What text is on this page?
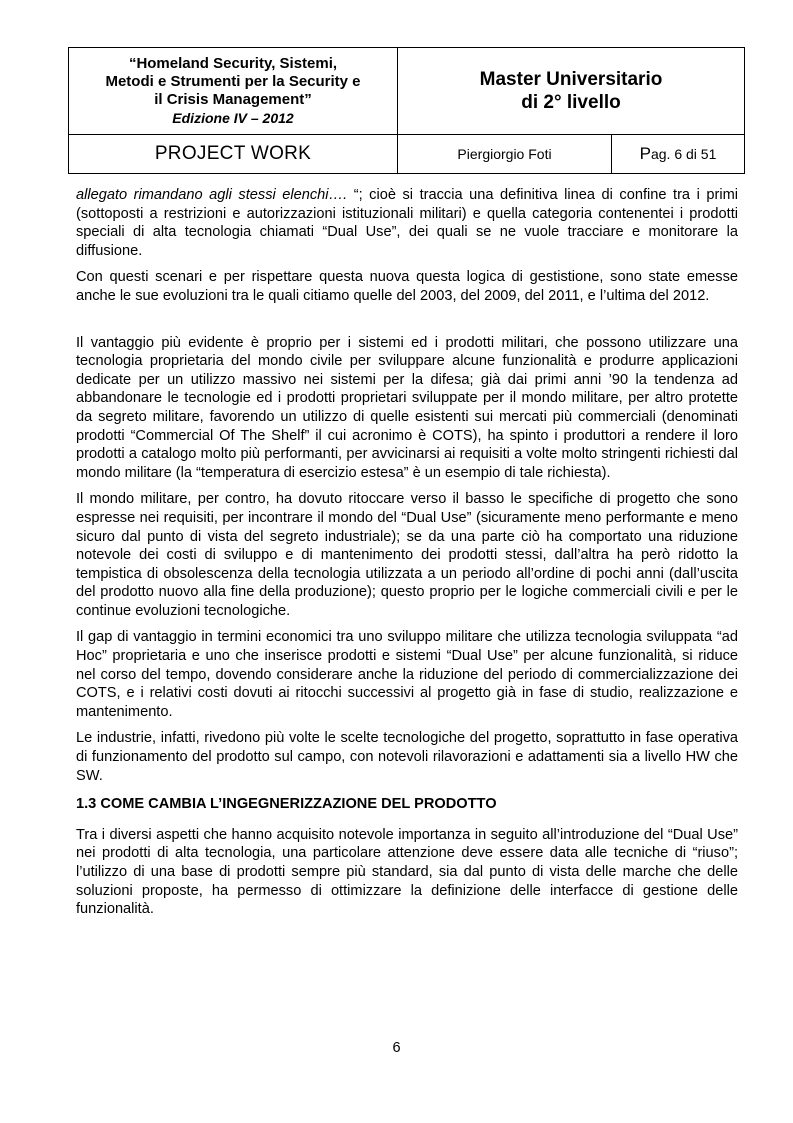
“Homeland Security, Sistemi,
Metodi e Strumenti per la Security e
il Crisis Management”
Edizione IV – 2012
Master Universitario
di 2° livello
PROJECT WORK	Piergiorgio Foti	P ag. 6 di 51

allegato rimandano agli stessi elenchi…. “; cioè si traccia una definitiva linea di confine tra i primi (sottoposti a restrizioni e autorizzazioni istituzionali militari) e quella categoria contenentei i prodotti speciali di alta tecnologia chiamati “Dual Use”, dei quali se ne vuole tracciare e monitorare la diffusione.

Con questi scenari e per rispettare questa nuova questa logica di gestistione, sono state emesse anche le sue evoluzioni tra le quali citiamo quelle del 2003, del 2009, del 2011, e l’ultima del 2012.

Il vantaggio più evidente è proprio per i sistemi ed i prodotti militari, che possono utilizzare una tecnologia proprietaria del mondo civile per sviluppare alcune funzionalità e produrre applicazioni dedicate per un utilizzo massivo nei sistemi per la difesa; già dai primi anni ’90 la tendenza ad abbandonare le tecnologie ed i prodotti proprietari sviluppate per il mondo militare, per altro protette da segreto militare, favorendo un utilizzo di quelle esistenti sui mercati più commerciali (denominati prodotti “Commercial Of The Shelf” il cui acronimo è COTS), ha spinto i produttori a rendere il loro prodotti a catalogo molto più performanti, per avvicinarsi ai requisiti a volte molto stringenti richiesti dal mondo militare (la “temperatura di esercizio estesa” è un esempio di tale richiesta).

Il mondo militare, per contro, ha dovuto ritoccare verso il basso le specifiche di progetto che sono espresse nei requisiti, per incontrare il mondo del “Dual Use” (sicuramente meno performante e meno sicuro dal punto di vista del segreto industriale); se da una parte ciò ha comportato una riduzione notevole dei costi di sviluppo e di mantenimento dei prodotti stessi, dall’altra ha però ridotto la tempistica di obsolescenza della tecnologia utilizzata a un periodo all’ordine di pochi anni (dall’uscita del prodotto nuovo alla fine della produzione); questo proprio per le logiche commerciali civili e per le continue evoluzioni tecnologiche.

Il gap di vantaggio in termini economici tra uno sviluppo militare che utilizza tecnologia sviluppata “ad Hoc” proprietaria e uno che inserisce prodotti e sistemi “Dual Use” per alcune funzionalità, si riduce nel corso del tempo, dovendo considerare anche la riduzione del periodo di commercializzazione dei COTS, e i relativi costi dovuti ai ritocchi successivi al progetto già in fase di studio, realizzazione e mantenimento.

Le industrie, infatti, rivedono più volte le scelte tecnologiche del progetto, soprattutto in fase operativa di funzionamento del prodotto sul campo, con notevoli rilavorazioni e adattamenti sia a livello HW che SW.

1.3 COME CAMBIA L’INGEGNERIZZAZIONE DEL PRODOTTO

Tra i diversi aspetti che hanno acquisito notevole importanza in seguito all’introduzione del “Dual Use” nei prodotti di alta tecnologia, una particolare attenzione deve essere data alle tecniche di “riuso”; l’utilizzo di una base di prodotti sempre più standard, sia dal punto di vista delle marche che delle soluzioni proposte, ha permesso di ottimizzare la definizione delle interfacce di gestione delle funzionalità.

6
